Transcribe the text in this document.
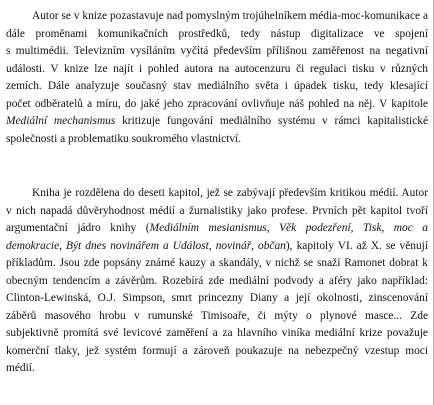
Autor se v knize pozastavuje nad pomyslným trojúhelníkem média-moc-komunikace a
dále proměnami komunikačních prostředků, tedy nástup digitalizace ve spojení
s multimédii. Televizním vysíláním vyčítá především přílišnou zaměřenost na negativní
události. V knize lze najít i pohled autora na autocenzuru či regulaci tisku v různých
zemích. Dále analyzuje současný stav mediálního světa i úpadek tisku, tedy klesající
počet odběratelů a míru, do jaké jeho zpracování ovlivňuje náš pohled na něj. V kapitole
Mediální mechanismus kritizuje fungování mediálního systému v rámci kapitalistické
společnosti a problematiku soukromého vlastnictví.
Kniha je rozdělena do deseti kapitol, jež se zabývají především kritikou médií. Autor
v nich napadá důvěryhodnost médií a žurnalistiky jako profese. Prvních pět kapitol tvoří
argumentační jádro knihy (Mediálním mesianismus, Věk podezření, Tisk, moc a
demokracie, Být dnes novinářem a Událost, novinář, občan), kapitoly VI. až X. se věnují
příkladům. Jsou zde popsány známé kauzy a skandály, v nichž se snaží Ramonet dobrat k
obecným tendencím a závěrům. Rozebírá zde mediální podvody a aféry jako například:
Clinton-Lewinská, O.J. Simpson, smrt princezny Diany a její okolnosti, zinscenování
záběrů masového hrobu v rumunské Timisoaře, či mýty o plynové masce... Zde
subjektivně promítá své levicové zaměření a za hlavního viníka mediální krize považuje
komerční tlaky, jež systém formují a zároveň poukazuje na nebezpečný vzestup moci
médií.
